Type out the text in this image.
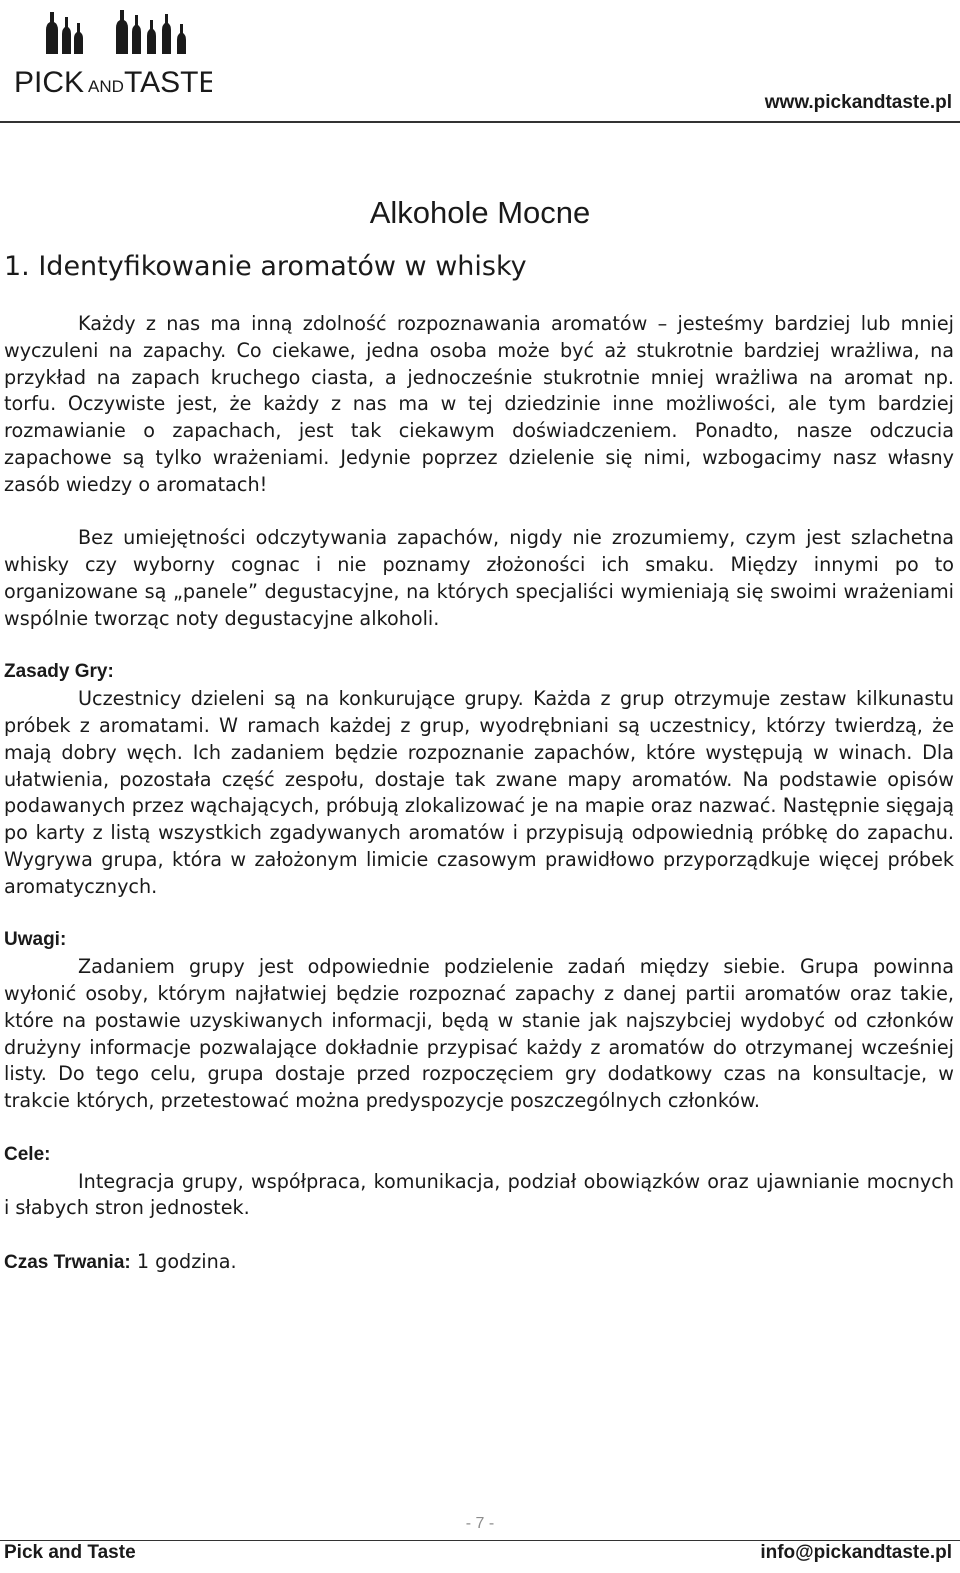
PICK AND TASTE
www.pickandtaste.pl
Alkohole Mocne
1. Identyfikowanie aromatów w whisky

Każdy z nas ma inną zdolność rozpoznawania aromatów – jesteśmy bardziej lub mniej wyczuleni na zapachy. Co ciekawe, jedna osoba może być aż stukrotnie bardziej wrażliwa, na przykład na zapach kruchego ciasta, a jednocześnie stukrotnie mniej wrażliwa na aromat np. torfu. Oczywiste jest, że każdy z nas ma w tej dziedzinie inne możliwości, ale tym bardziej rozmawianie o zapachach, jest tak ciekawym doświadczeniem. Ponadto, nasze odczucia zapachowe są tylko wrażeniami. Jedynie poprzez dzielenie się nimi, wzbogacimy nasz własny zasób wiedzy o aromatach!

Bez umiejętności odczytywania zapachów, nigdy nie zrozumiemy, czym jest szlachetna whisky czy wyborny cognac i nie poznamy złożoności ich smaku. Między innymi po to organizowane są „panele” degustacyjne, na których specjaliści wymieniają się swoimi wrażeniami wspólnie tworząc noty degustacyjne alkoholi.

Zasady Gry:

Uczestnicy dzieleni są na konkurujące grupy. Każda z grup otrzymuje zestaw kilkunastu próbek z aromatami. W ramach każdej z grup, wyodrębniani są uczestnicy, którzy twierdzą, że mają dobry węch. Ich zadaniem będzie rozpoznanie zapachów, które występują w winach. Dla ułatwienia, pozostała część zespołu, dostaje tak zwane mapy aromatów. Na podstawie opisów podawanych przez wąchających, próbują zlokalizować je na mapie oraz nazwać. Następnie sięgają po karty z listą wszystkich zgadywanych aromatów i przypisują odpowiednią próbkę do zapachu. Wygrywa grupa, która w założonym limicie czasowym prawidłowo przyporządkuje więcej próbek aromatycznych.

Uwagi:

Zadaniem grupy jest odpowiednie podzielenie zadań między siebie. Grupa powinna wyłonić osoby, którym najłatwiej będzie rozpoznać zapachy z danej partii aromatów oraz takie, które na postawie uzyskiwanych informacji, będą w stanie jak najszybciej wydobyć od członków drużyny informacje pozwalające dokładnie przypisać każdy z aromatów do otrzymanej wcześniej listy. Do tego celu, grupa dostaje przed rozpoczęciem gry dodatkowy czas na konsultacje, w trakcie których, przetestować można predyspozycje poszczególnych członków.

Cele:

Integracja grupy, współpraca, komunikacja, podział obowiązków oraz ujawnianie mocnych i słabych stron jednostek.

Czas Trwania: 1 godzina.
- 7 -
Pick and Taste	info@pickandtaste.pl
